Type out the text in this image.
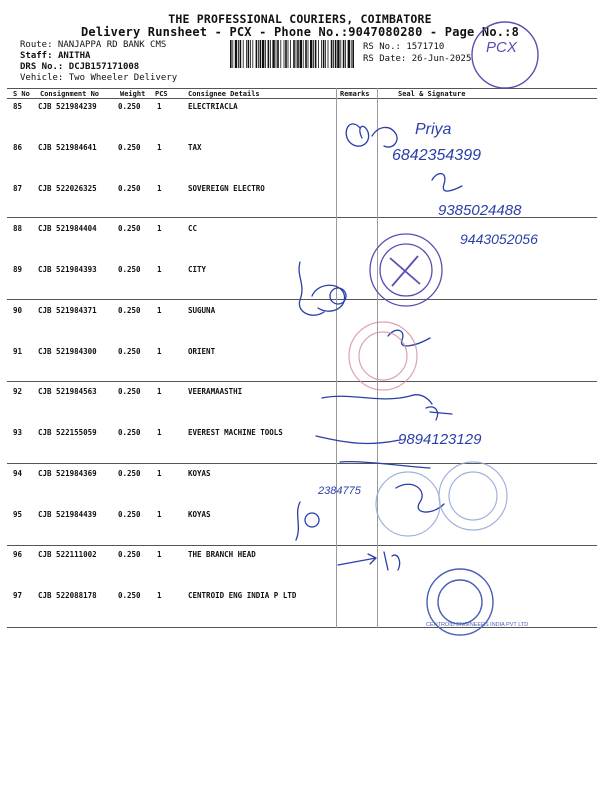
THE PROFESSIONAL COURIERS, COIMBATORE
Delivery Runsheet - PCX - Phone No.:9047080280 - Page No.:8
Route: NANJAPPA RD BANK CMS
Staff: ANITHA
DRS No.: DCJB157171008
Vehicle: Two Wheeler Delivery
RS No.: 1571710
RS Date: 26-Jun-2025
S No Consignment No	Weight PCS	Consignee Details	Remarks	Seal & Signature
85 CJB 521984239	0.250 1	ELECTRIACLA
86 CJB 521984641	0.250 1	TAX
87 CJB 522026325	0.250 1	SOVEREIGN ELECTRO
88 CJB 521984404	0.250 1	CC
89 CJB 521984393	0.250 1	CITY
90 CJB 521984371	0.250 1	SUGUNA
91 CJB 521984300	0.250 1	ORIENT
92 CJB 521984563	0.250 1	VEERAMAASTHI
93 CJB 522155059	0.250 1	EVEREST MACHINE TOOLS
94 CJB 521984369	0.250 1	KOYAS
95 CJB 521984439	0.250 1	KOYAS
96 CJB 522111002	0.250 1	THE BRANCH HEAD
97 CJB 522088178	0.250 1	CENTROID ENG INDIA P LTD
PCX
Priya
6842354399
9385024488
9443052056
9894123129
2384775
CENTROID ENGINEERS INDIA PVT LTD
